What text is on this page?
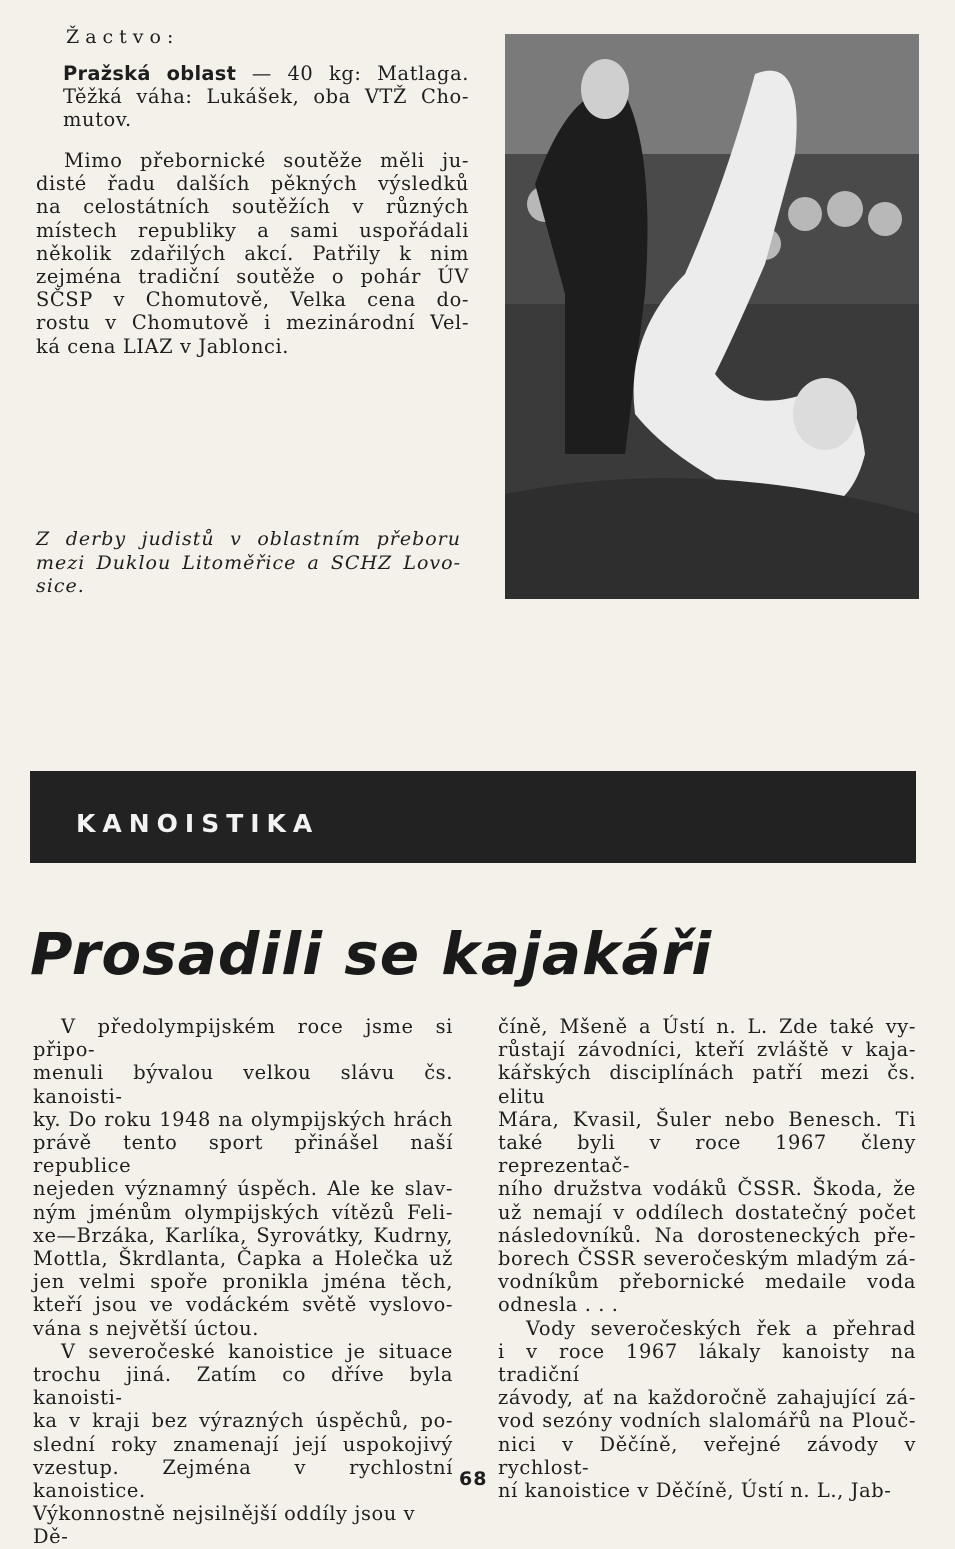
Žactvo:
Pražská oblast — 40 kg: Matlaga.
Těžká váha: Lukášek, oba VTŽ Cho-
mutov.
Mimo přebornické soutěže měli ju-
disté řadu dalších pěkných výsledků
na celostátních soutěžích v různých
místech republiky a sami uspořádali
několik zdařilých akcí. Patřily k nim
zejména tradiční soutěže o pohár ÚV
SČSP v Chomutově, Velka cena do-
rostu v Chomutově i mezinárodní Vel-
ká cena LIAZ v Jablonci.
Z derby judistů v oblastním přeboru
mezi Duklou Litoměřice a SCHZ Lovo-
sice.
KANOISTIKA
Prosadili se kajakáři

V předolympijském roce jsme si připo-
menuli bývalou velkou slávu čs. kanoisti-
ky. Do roku 1948 na olympijských hrách
právě tento sport přinášel naší republice
nejeden významný úspěch. Ale ke slav-
ným jménům olympijských vítězů Feli-
xe—Brzáka, Karlíka, Syrovátky, Kudrny,
Mottla, Škrdlanta, Čapka a Holečka už
jen velmi spoře pronikla jména těch,
kteří jsou ve vodáckém světě vyslovo-
vána s největší úctou.

V severočeské kanoistice je situace
trochu jiná. Zatím co dříve byla kanoisti-
ka v kraji bez výrazných úspěchů, po-
slední roky znamenají její uspokojivý
vzestup. Zejména v rychlostní kanoistice.
Výkonnostně nejsilnější oddíly jsou v Dě-

číně, Mšeně a Ústí n. L. Zde také vy-
růstají závodníci, kteří zvláště v kaja-
kářských disciplínách patří mezi čs. elitu
Mára, Kvasil, Šuler nebo Benesch. Ti
také byli v roce 1967 členy reprezentač-
ního družstva vodáků ČSSR. Škoda, že
už nemají v oddílech dostatečný počet
následovníků. Na dorosteneckých pře-
borech ČSSR severočeským mladým zá-
vodníkům přebornické medaile voda
odnesla . . .

Vody severočeských řek a přehrad
i v roce 1967 lákaly kanoisty na tradiční
závody, ať na každoročně zahajující zá-
vod sezóny vodních slalomářů na Plouč-
nici v Děčíně, veřejné závody v rychlost-
ní kanoistice v Děčíně, Ústí n. L., Jab-

68
